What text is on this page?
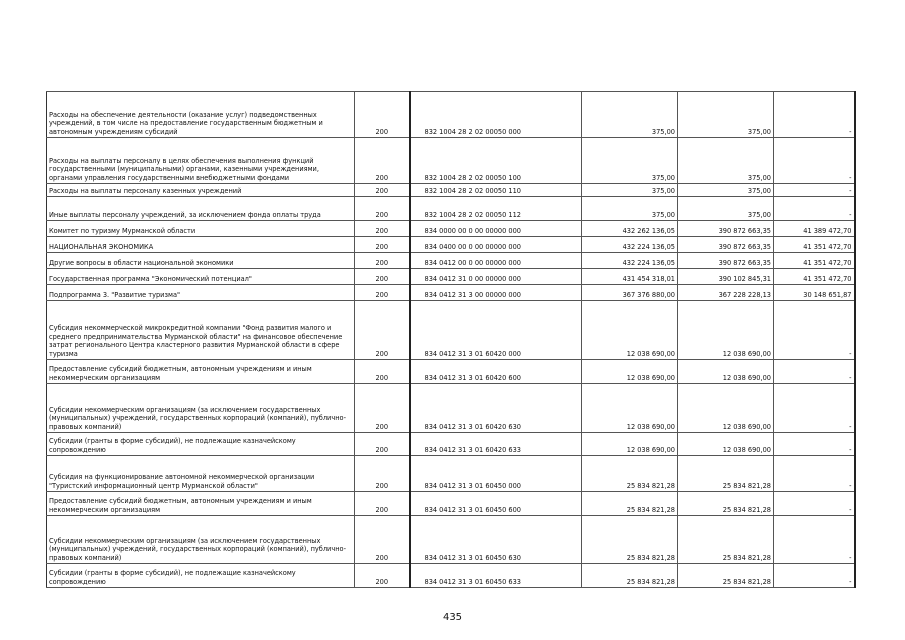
Расходы на обеспечение деятельности (оказание услуг) подведомственных учреждений, в том числе на предоставление государственным бюджетным и автономным учреждениям субсидий	200	832 1004 28 2 02 00050 000	375,00	375,00	-
Расходы на выплаты персоналу в целях обеспечения выполнения функций государственными (муниципальными) органами, казенными учреждениями, органами управления государственными внебюджетными фондами	200	832 1004 28 2 02 00050 100	375,00	375,00	-
Расходы на выплаты персоналу казенных учреждений	200	832 1004 28 2 02 00050 110	375,00	375,00	-
Иные выплаты персоналу учреждений, за исключением фонда оплаты труда	200	832 1004 28 2 02 00050 112	375,00	375,00	-
Комитет по туризму Мурманской области	200	834 0000 00 0 00 00000 000	432 262 136,05	390 872 663,35	41 389 472,70
НАЦИОНАЛЬНАЯ ЭКОНОМИКА	200	834 0400 00 0 00 00000 000	432 224 136,05	390 872 663,35	41 351 472,70
Другие вопросы в области национальной экономики	200	834 0412 00 0 00 00000 000	432 224 136,05	390 872 663,35	41 351 472,70
Государственная программа "Экономический потенциал"	200	834 0412 31 0 00 00000 000	431 454 318,01	390 102 845,31	41 351 472,70
Подпрограмма 3. "Развитие туризма"	200	834 0412 31 3 00 00000 000	367 376 880,00	367 228 228,13	30 148 651,87
Субсидия некоммерческой микрокредитной компании "Фонд развития малого и среднего предпринимательства Мурманской области" на финансовое обеспечение затрат регионального Центра кластерного развития Мурманской области в сфере туризма	200	834 0412 31 3 01 60420 000	12 038 690,00	12 038 690,00	-
Предоставление субсидий бюджетным, автономным учреждениям и иным некоммерческим организациям	200	834 0412 31 3 01 60420 600	12 038 690,00	12 038 690,00	-
Субсидии некоммерческим организациям (за исключением государственных (муниципальных) учреждений, государственных корпораций (компаний), публично-правовых компаний)	200	834 0412 31 3 01 60420 630	12 038 690,00	12 038 690,00	-
Субсидии (гранты в форме субсидий), не подлежащие казначейскому сопровождению	200	834 0412 31 3 01 60420 633	12 038 690,00	12 038 690,00	-
Субсидия на функционирование автономной некоммерческой организации "Туристский информационный центр Мурманской области"	200	834 0412 31 3 01 60450 000	25 834 821,28	25 834 821,28	-
Предоставление субсидий бюджетным, автономным учреждениям и иным некоммерческим организациям	200	834 0412 31 3 01 60450 600	25 834 821,28	25 834 821,28	-
Субсидии некоммерческим организациям (за исключением государственных (муниципальных) учреждений, государственных корпораций (компаний), публично-правовых компаний)	200	834 0412 31 3 01 60450 630	25 834 821,28	25 834 821,28	-
Субсидии (гранты в форме субсидий), не подлежащие казначейскому сопровождению	200	834 0412 31 3 01 60450 633	25 834 821,28	25 834 821,28	-
435
